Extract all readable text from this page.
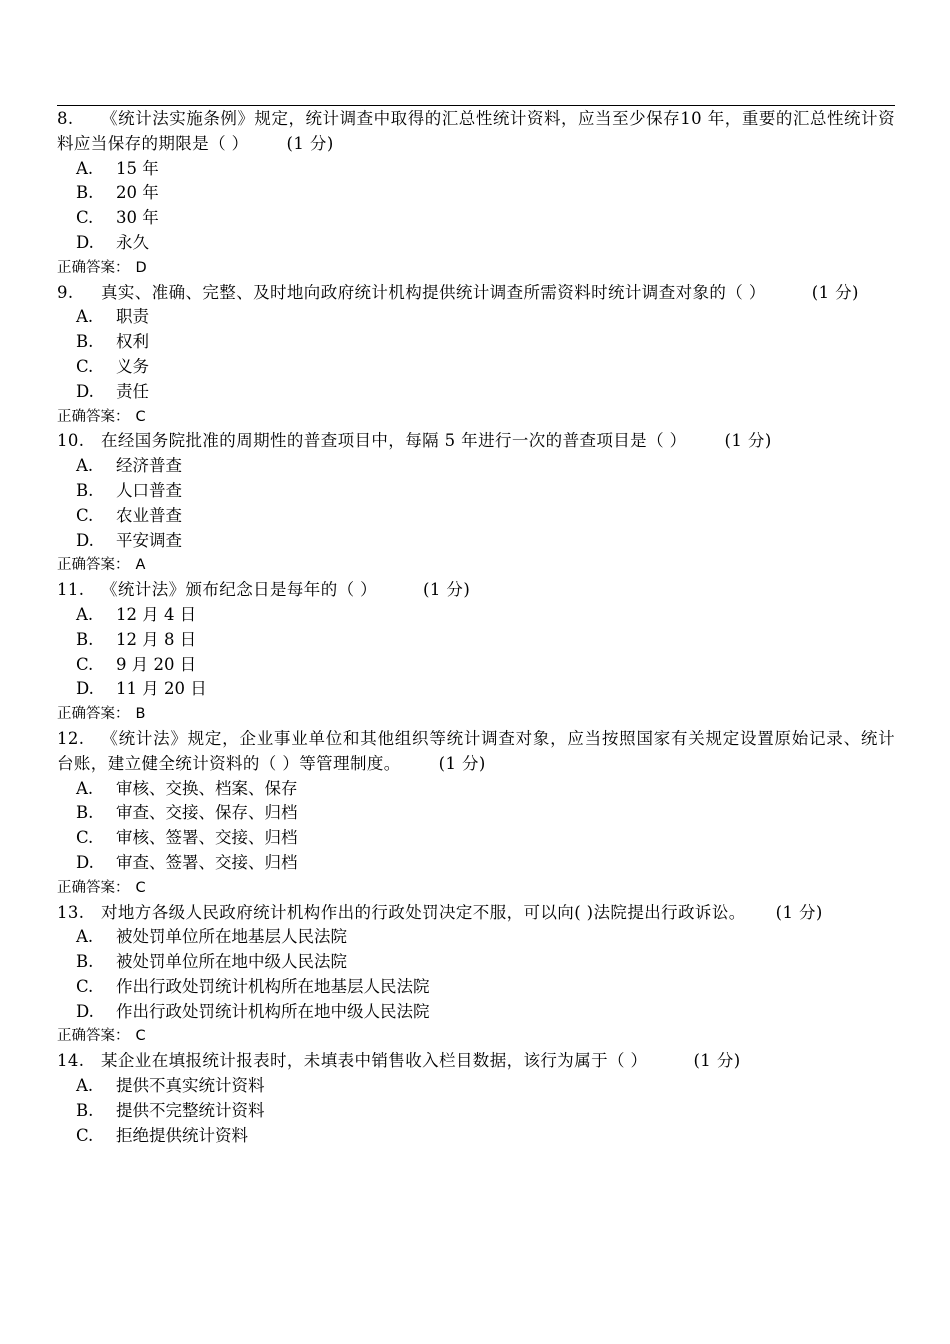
8. 《统计法实施条例》规定，统计调查中取得的汇总性统计资料，应当至少保存10 年，重要的汇总性统计资料应当保存的期限是（ ） (1 分)
A. 15 年
B. 20 年
C. 30 年
D. 永久
正确答案： D
9. 真实、准确、完整、及时地向政府统计机构提供统计调查所需资料时统计调查对象的（ ）	(1 分)
A. 职责
B. 权利
C. 义务
D. 责任
正确答案： C
10. 在经国务院批准的周期性的普查项目中，每隔 5 年进行一次的普查项目是（ ） (1 分)
A. 经济普查
B. 人口普查
C. 农业普查
D. 平安调查
正确答案： A
11. 《统计法》颁布纪念日是每年的（ ）	(1 分)
A. 12 月 4 日
B. 12 月 8 日
C. 9 月 20 日
D. 11 月 20 日
正确答案： B
12. 《统计法》规定，企业事业单位和其他组织等统计调查对象，应当按照国家有关规定设置原始记录、统计台账，建立健全统计资料的（ ）等管理制度。 (1 分)
A. 审核、交换、档案、保存
B. 审查、交接、保存、归档
C. 审核、签署、交接、归档
D. 审查、签署、交接、归档
正确答案： C
13. 对地方各级人民政府统计机构作出的行政处罚决定不服，可以向( )法院提出行政诉讼。 (1 分)
A. 被处罚单位所在地基层人民法院
B. 被处罚单位所在地中级人民法院
C. 作出行政处罚统计机构所在地基层人民法院
D. 作出行政处罚统计机构所在地中级人民法院
正确答案： C
14. 某企业在填报统计报表时，未填表中销售收入栏目数据，该行为属于（ ）	(1 分)
A. 提供不真实统计资料
B. 提供不完整统计资料
C. 拒绝提供统计资料
